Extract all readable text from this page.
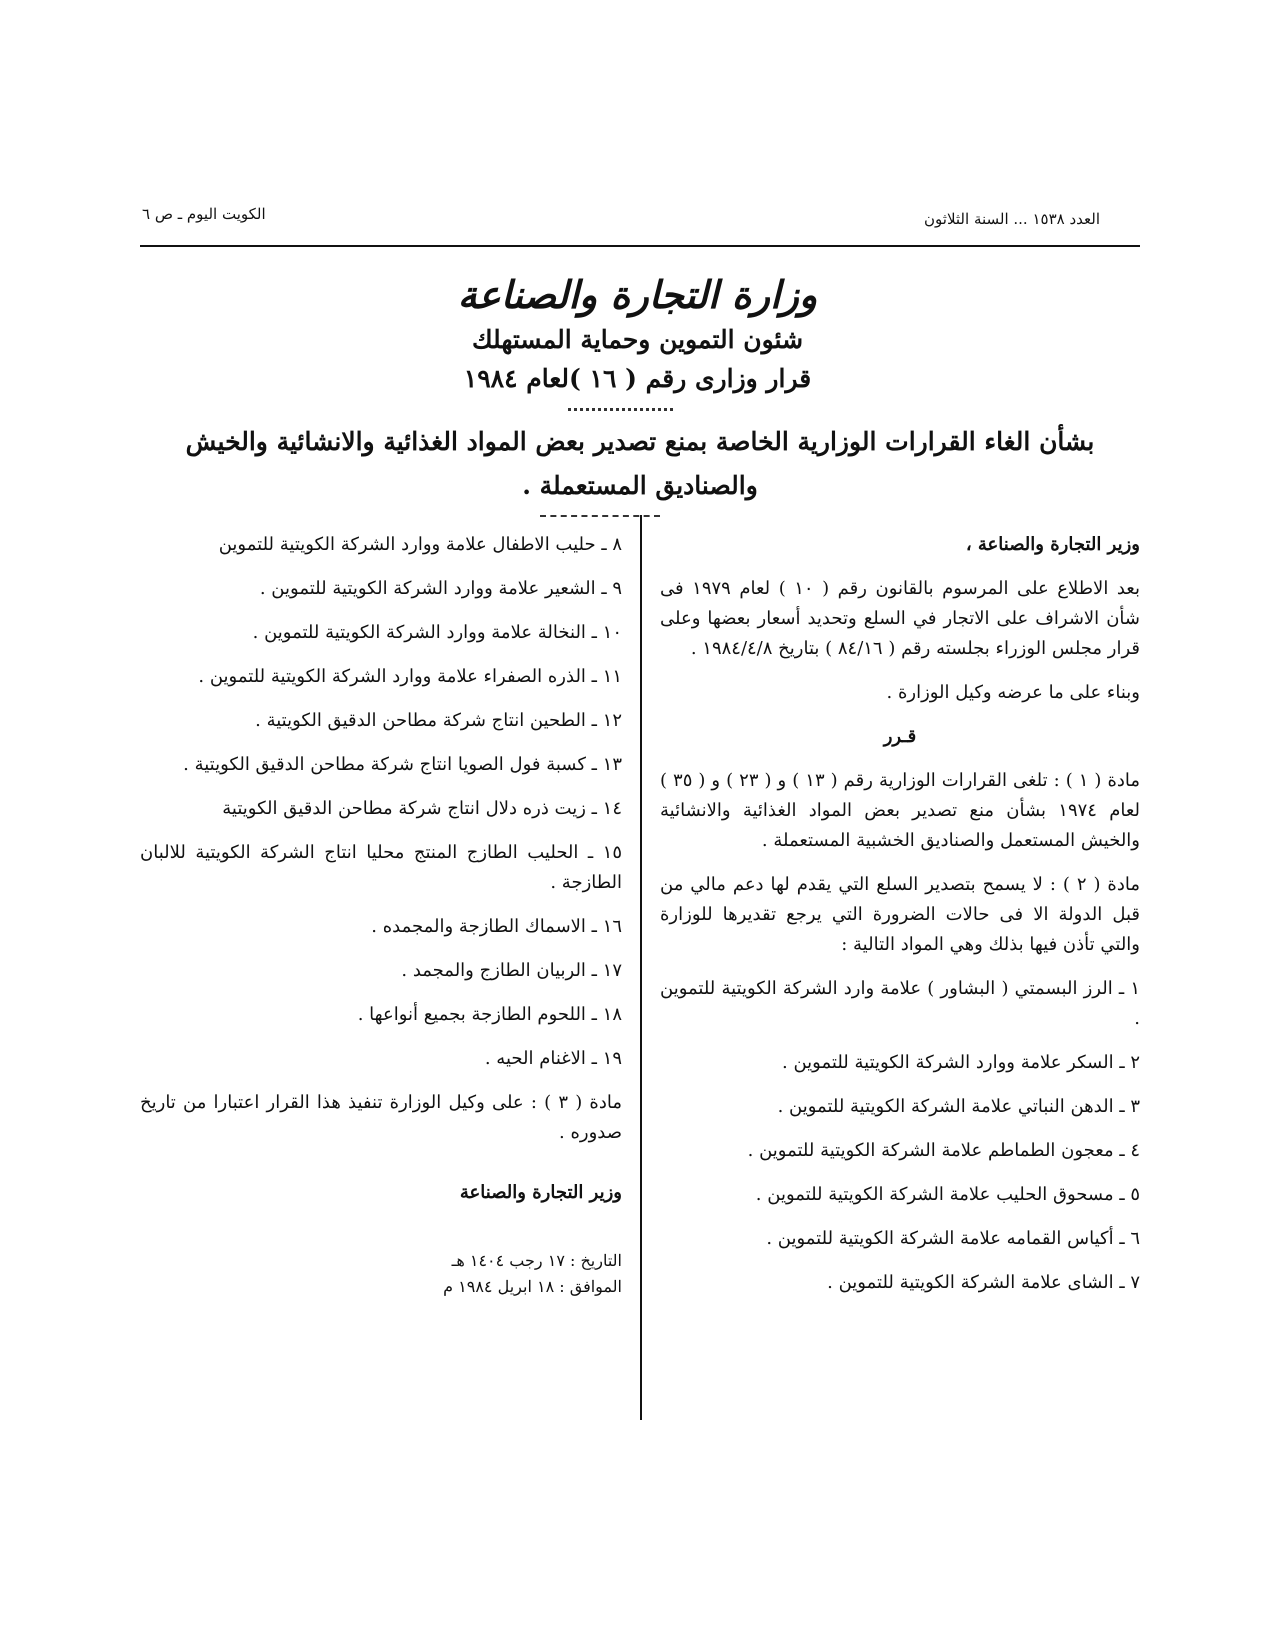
الكويت اليوم ـ ص ٦	العدد ١٥٣٨ ... السنة الثلاثون
وزارة التجارة والصناعة
شئون التموين وحماية المستهلك
قرار وزارى رقم ( ١٦ )لعام ١٩٨٤
بشأن الغاء القرارات الوزارية الخاصة بمنع تصدير بعض المواد الغذائية والانشائية والخيش والصناديق المستعملة .

وزير التجارة والصناعة ،

بعد الاطلاع على المرسوم بالقانون رقم ( ١٠ ) لعام ١٩٧٩ فى شأن الاشراف على الاتجار في السلع وتحديد أسعار بعضها وعلى قرار مجلس الوزراء بجلسته رقم ( ٨٤/١٦ ) بتاريخ ١٩٨٤/٤/٨ .

وبناء على ما عرضه وكيل الوزارة .

قـرر

مادة ( ١ ) : تلغى القرارات الوزارية رقم ( ١٣ ) و ( ٢٣ ) و ( ٣٥ ) لعام ١٩٧٤ بشأن منع تصدير بعض المواد الغذائية والانشائية والخيش المستعمل والصناديق الخشبية المستعملة .

مادة ( ٢ ) : لا يسمح بتصدير السلع التي يقدم لها دعم مالي من قبل الدولة الا فى حالات الضرورة التي يرجع تقديرها للوزارة والتي تأذن فيها بذلك وهي المواد التالية :

١ ـ الرز البسمتي ( البشاور ) علامة وارد الشركة الكويتية للتموين .

٢ ـ السكر علامة ووارد الشركة الكويتية للتموين .

٣ ـ الدهن النباتي علامة الشركة الكويتية للتموين .

٤ ـ معجون الطماطم علامة الشركة الكويتية للتموين .

٥ ـ مسحوق الحليب علامة الشركة الكويتية للتموين .

٦ ـ أكياس القمامه علامة الشركة الكويتية للتموين .

٧ ـ الشاى علامة الشركة الكويتية للتموين .

٨ ـ حليب الاطفال علامة ووارد الشركة الكويتية للتموين

٩ ـ الشعير علامة ووارد الشركة الكويتية للتموين .

١٠ ـ النخالة علامة ووارد الشركة الكويتية للتموين .

١١ ـ الذره الصفراء علامة ووارد الشركة الكويتية للتموين .

١٢ ـ الطحين انتاج شركة مطاحن الدقيق الكويتية .

١٣ ـ كسبة فول الصويا انتاج شركة مطاحن الدقيق الكويتية .

١٤ ـ زيت ذره دلال انتاج شركة مطاحن الدقيق الكويتية

١٥ ـ الحليب الطازج المنتج محليا انتاج الشركة الكويتية للالبان الطازجة .

١٦ ـ الاسماك الطازجة والمجمده .

١٧ ـ الربيان الطازج والمجمد .

١٨ ـ اللحوم الطازجة بجميع أنواعها .

١٩ ـ الاغنام الحيه .

مادة ( ٣ ) : على وكيل الوزارة تنفيذ هذا القرار اعتبارا من تاريخ صدوره .

وزير التجارة والصناعة

التاريخ : ١٧ رجب ١٤٠٤ هـ
الموافق : ١٨ ابريل ١٩٨٤ م
